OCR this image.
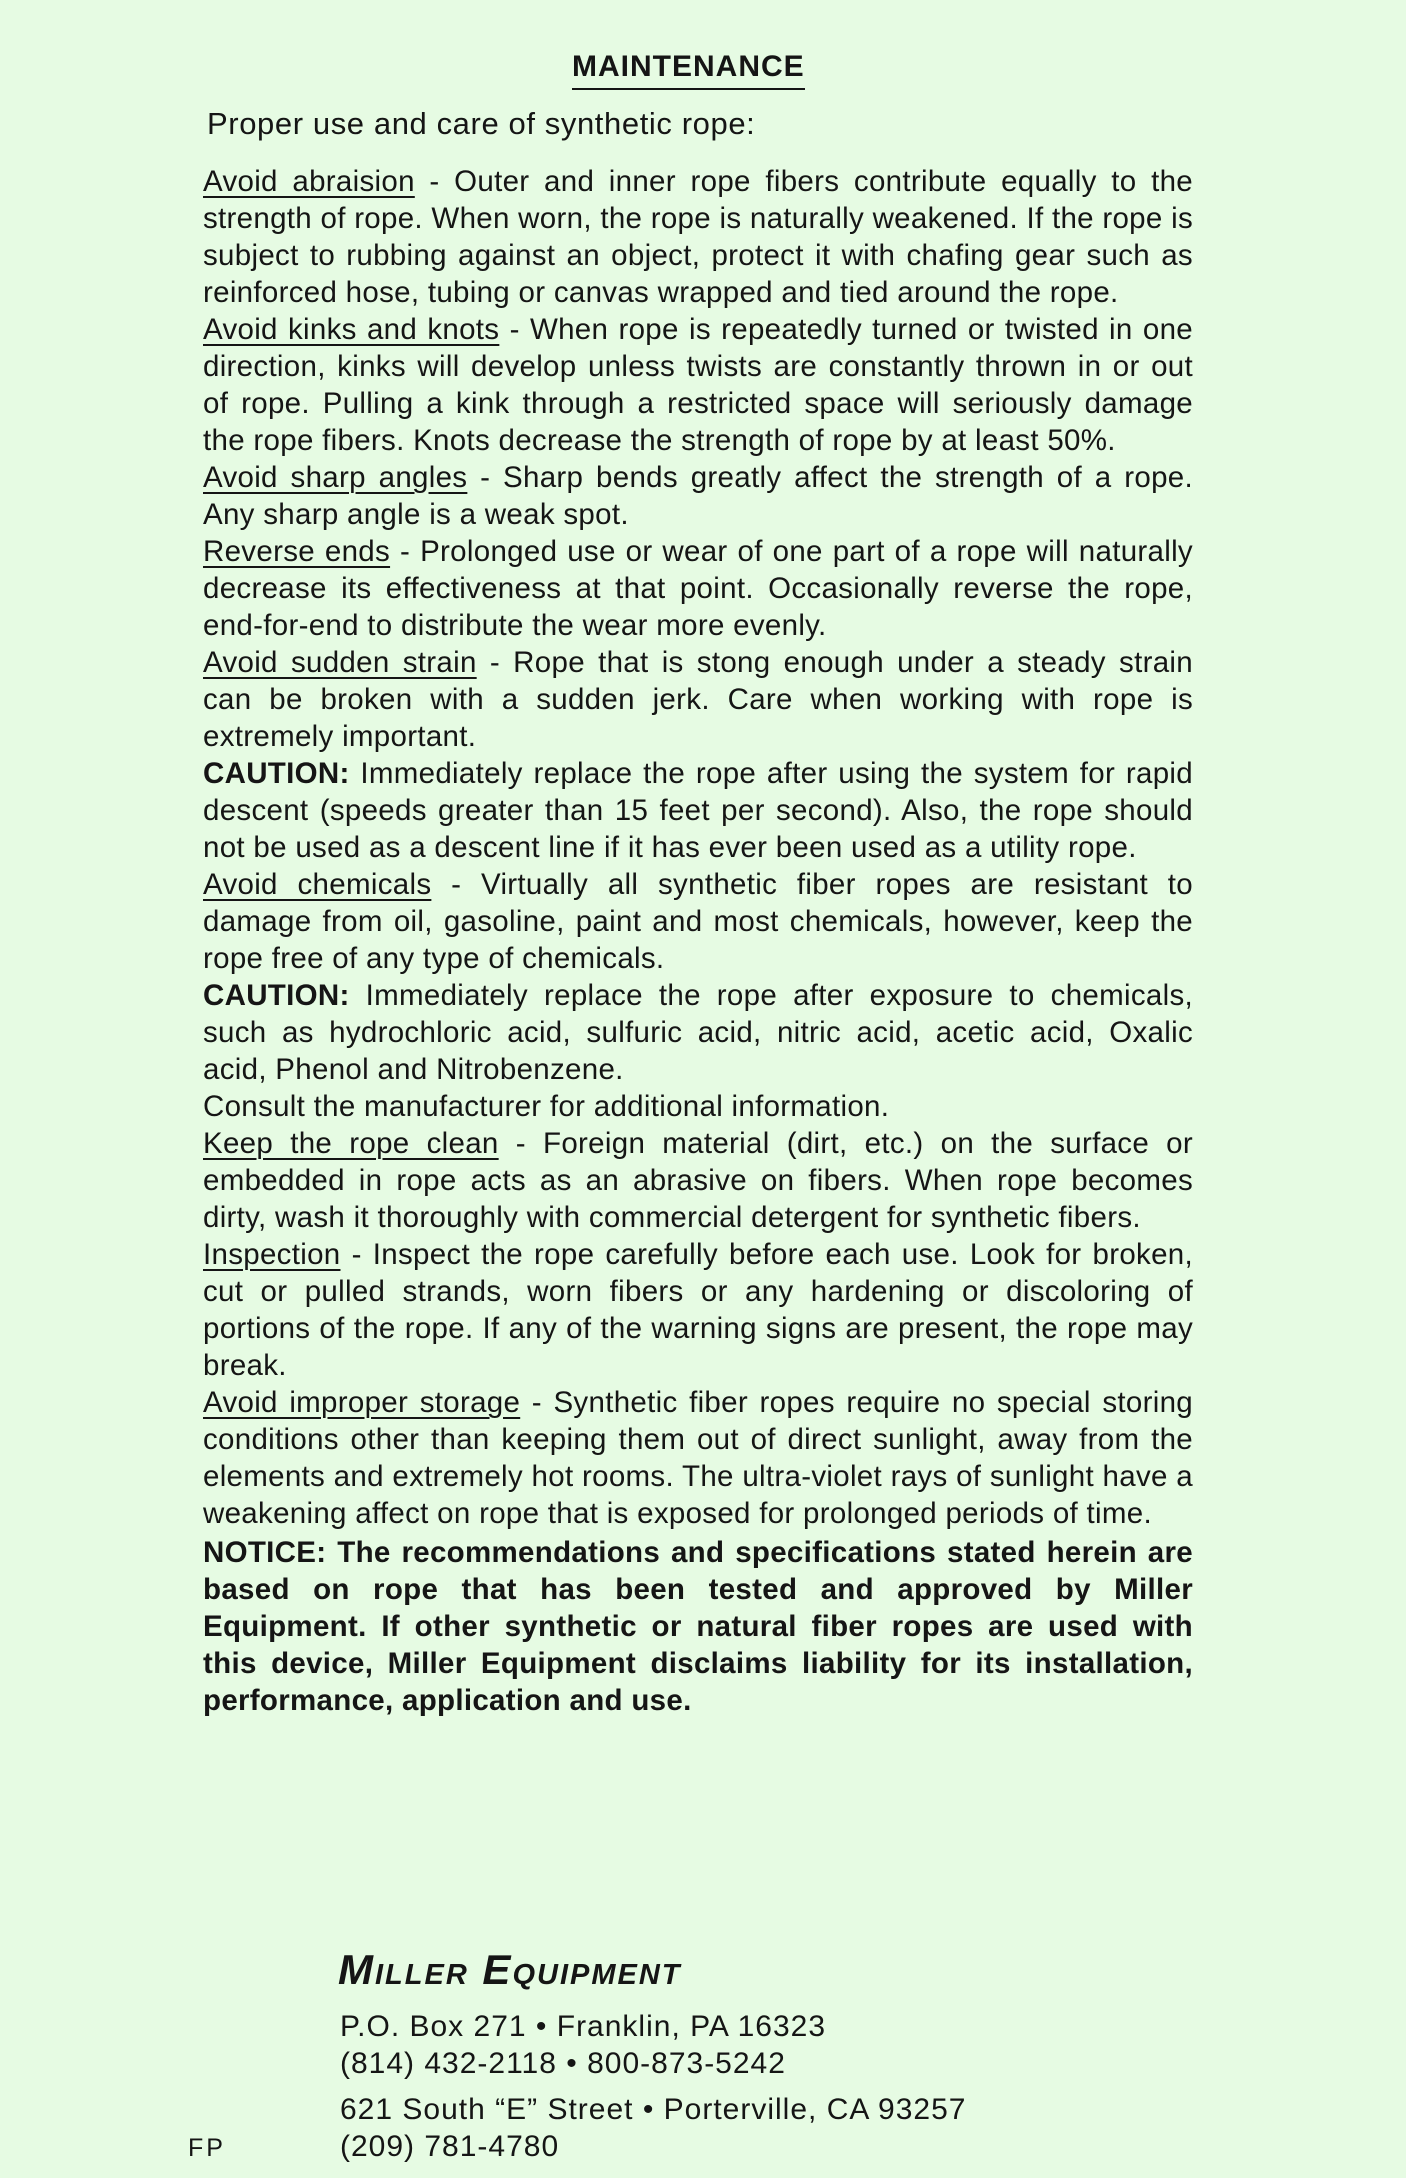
MAINTENANCE
Proper use and care of synthetic rope:

Avoid abraision - Outer and inner rope fibers contribute equally to the strength of rope. When worn, the rope is naturally weakened. If the rope is subject to rubbing against an object, protect it with chafing gear such as reinforced hose, tubing or canvas wrapped and tied around the rope.

Avoid kinks and knots - When rope is repeatedly turned or twisted in one direction, kinks will develop unless twists are constantly thrown in or out of rope. Pulling a kink through a restricted space will seriously damage the rope fibers. Knots decrease the strength of rope by at least 50%.

Avoid sharp angles - Sharp bends greatly affect the strength of a rope. Any sharp angle is a weak spot.

Reverse ends - Prolonged use or wear of one part of a rope will naturally decrease its effectiveness at that point. Occasionally reverse the rope, end-for-end to distribute the wear more evenly.

Avoid sudden strain - Rope that is stong enough under a steady strain can be broken with a sudden jerk. Care when working with rope is extremely important.

CAUTION: Immediately replace the rope after using the system for rapid descent (speeds greater than 15 feet per second). Also, the rope should not be used as a descent line if it has ever been used as a utility rope.

Avoid chemicals - Virtually all synthetic fiber ropes are resistant to damage from oil, gasoline, paint and most chemicals, however, keep the rope free of any type of chemicals.

CAUTION: Immediately replace the rope after exposure to chemicals, such as hydrochloric acid, sulfuric acid, nitric acid, acetic acid, Oxalic acid, Phenol and Nitrobenzene.

Consult the manufacturer for additional information.

Keep the rope clean - Foreign material (dirt, etc.) on the surface or embedded in rope acts as an abrasive on fibers. When rope becomes dirty, wash it thoroughly with commercial detergent for synthetic fibers.

Inspection - Inspect the rope carefully before each use. Look for broken, cut or pulled strands, worn fibers or any hardening or discoloring of portions of the rope. If any of the warning signs are present, the rope may break.

Avoid improper storage - Synthetic fiber ropes require no special storing conditions other than keeping them out of direct sunlight, away from the elements and extremely hot rooms. The ultra-violet rays of sunlight have a weakening affect on rope that is exposed for prolonged periods of time.

NOTICE: The recommendations and specifications stated herein are based on rope that has been tested and approved by Miller Equipment. If other synthetic or natural fiber ropes are used with this device, Miller Equipment disclaims liability for its installation, performance, application and use.

Miller Equipment
P.O. Box 271 • Franklin, PA 16323
(814) 432-2118 • 800-873-5242
621 South “E” Street • Porterville, CA 93257
(209) 781-4780
FP
